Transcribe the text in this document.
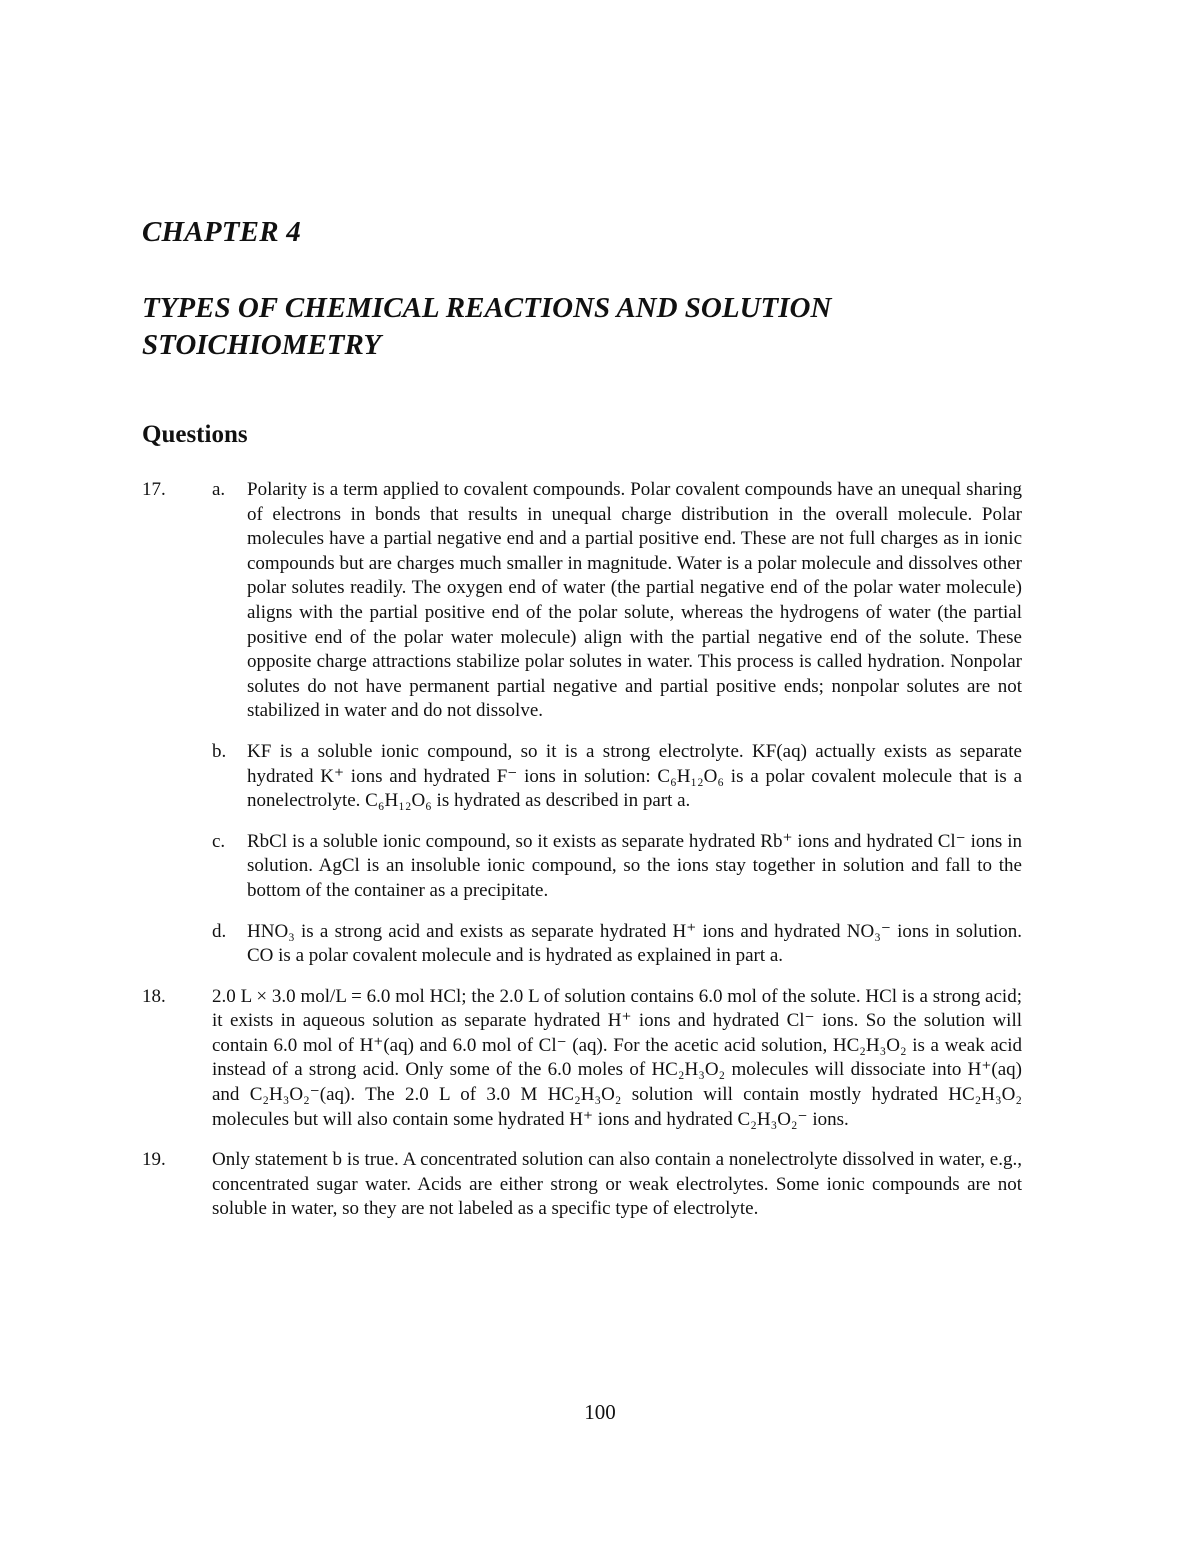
CHAPTER 4
TYPES OF CHEMICAL REACTIONS AND SOLUTION STOICHIOMETRY
Questions
17. a. Polarity is a term applied to covalent compounds. Polar covalent compounds have an unequal sharing of electrons in bonds that results in unequal charge distribution in the overall molecule. Polar molecules have a partial negative end and a partial positive end. These are not full charges as in ionic compounds but are charges much smaller in magnitude. Water is a polar molecule and dissolves other polar solutes readily. The oxygen end of water (the partial negative end of the polar water molecule) aligns with the partial positive end of the polar solute, whereas the hydrogens of water (the partial positive end of the polar water molecule) align with the partial negative end of the solute. These opposite charge attractions stabilize polar solutes in water. This process is called hydration. Nonpolar solutes do not have permanent partial negative and partial positive ends; nonpolar solutes are not stabilized in water and do not dissolve.

b. KF is a soluble ionic compound, so it is a strong electrolyte. KF(aq) actually exists as separate hydrated K⁺ ions and hydrated F⁻ ions in solution: C₆H₁₂O₆ is a polar covalent molecule that is a nonelectrolyte. C₆H₁₂O₆ is hydrated as described in part a.

c. RbCl is a soluble ionic compound, so it exists as separate hydrated Rb⁺ ions and hydrated Cl⁻ ions in solution. AgCl is an insoluble ionic compound, so the ions stay together in solution and fall to the bottom of the container as a precipitate.

d. HNO₃ is a strong acid and exists as separate hydrated H⁺ ions and hydrated NO₃⁻ ions in solution. CO is a polar covalent molecule and is hydrated as explained in part a.

18. 2.0 L × 3.0 mol/L = 6.0 mol HCl; the 2.0 L of solution contains 6.0 mol of the solute. HCl is a strong acid; it exists in aqueous solution as separate hydrated H⁺ ions and hydrated Cl⁻ ions. So the solution will contain 6.0 mol of H⁺(aq) and 6.0 mol of Cl⁻ (aq). For the acetic acid solution, HC₂H₃O₂ is a weak acid instead of a strong acid. Only some of the 6.0 moles of HC₂H₃O₂ molecules will dissociate into H⁺(aq) and C₂H₃O₂⁻(aq). The 2.0 L of 3.0 M HC₂H₃O₂ solution will contain mostly hydrated HC₂H₃O₂ molecules but will also contain some hydrated H⁺ ions and hydrated C₂H₃O₂⁻ ions.

19. Only statement b is true. A concentrated solution can also contain a nonelectrolyte dissolved in water, e.g., concentrated sugar water. Acids are either strong or weak electrolytes. Some ionic compounds are not soluble in water, so they are not labeled as a specific type of electrolyte.

100
